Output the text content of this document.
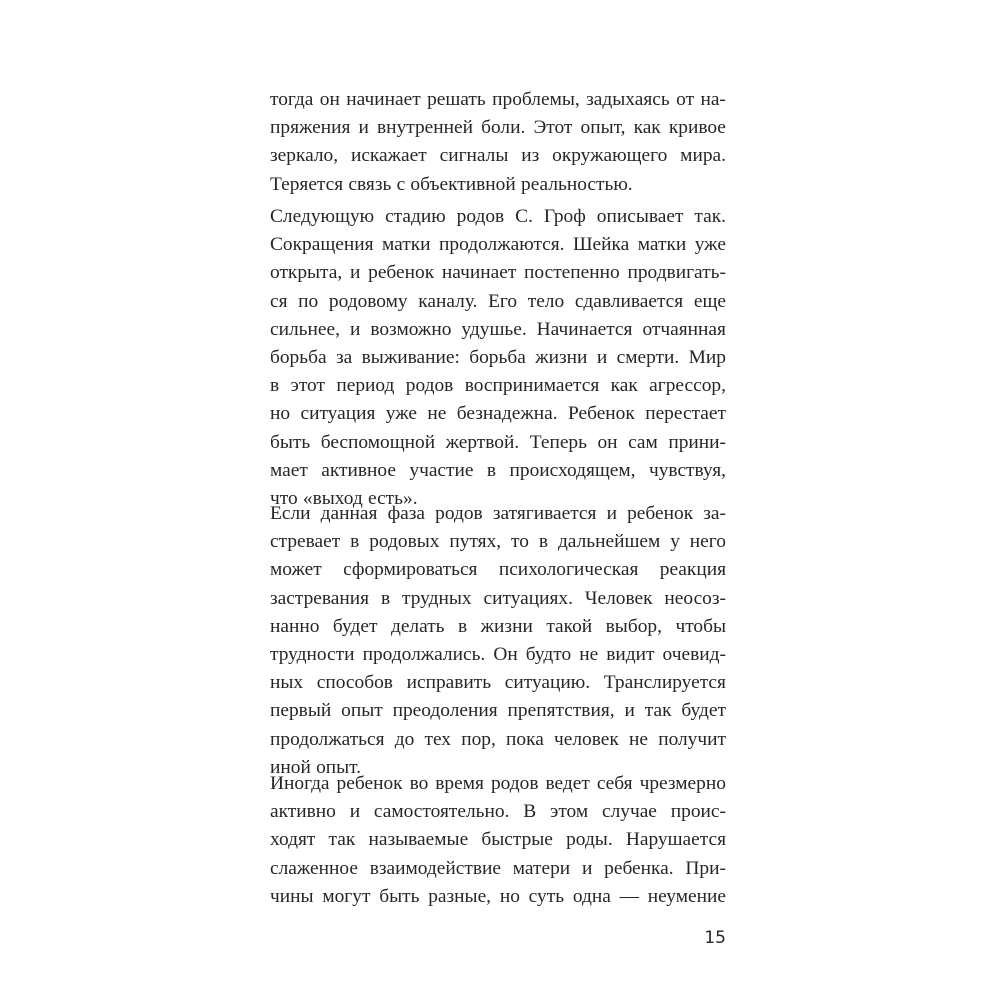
тогда он начинает решать проблемы, задыхаясь от на-
пряжения и внутренней боли. Этот опыт, как кривое
зеркало, искажает сигналы из окружающего мира.
Теряется связь с объективной реальностью.
Следующую стадию родов С. Гроф описывает так.
Сокращения матки продолжаются. Шейка матки уже
открыта, и ребенок начинает постепенно продвигать-
ся по родовому каналу. Его тело сдавливается еще
сильнее, и возможно удушье. Начинается отчаянная
борьба за выживание: борьба жизни и смерти. Мир
в этот период родов воспринимается как агрессор,
но ситуация уже не безнадежна. Ребенок перестает
быть беспомощной жертвой. Теперь он сам прини-
мает активное участие в происходящем, чувствуя,
что «выход есть».
Если данная фаза родов затягивается и ребенок за-
стревает в родовых путях, то в дальнейшем у него
может сформироваться психологическая реакция
застревания в трудных ситуациях. Человек неосоз-
нанно будет делать в жизни такой выбор, чтобы
трудности продолжались. Он будто не видит очевид-
ных способов исправить ситуацию. Транслируется
первый опыт преодоления препятствия, и так будет
продолжаться до тех пор, пока человек не получит
иной опыт.
Иногда ребенок во время родов ведет себя чрезмерно
активно и самостоятельно. В этом случае проис-
ходят так называемые быстрые роды. Нарушается
слаженное взаимодействие матери и ребенка. При-
чины могут быть разные, но суть одна — неумение
15
